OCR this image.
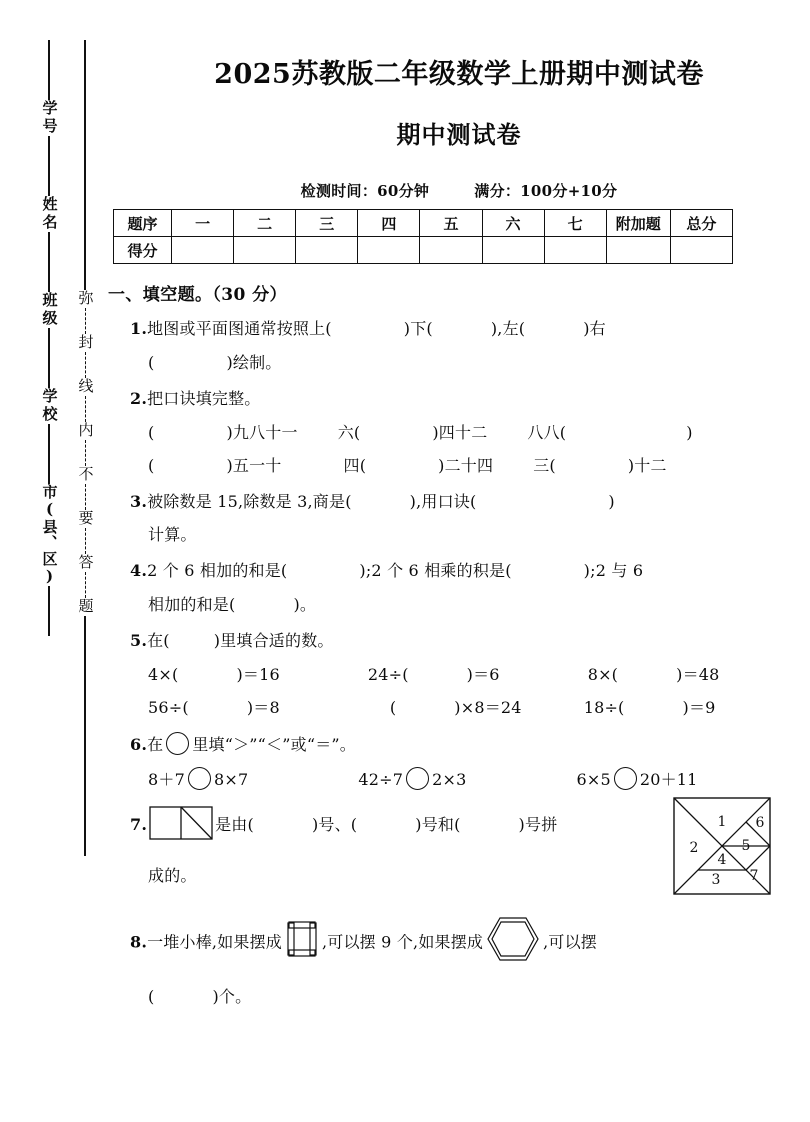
学号
姓名
班级
学校
市(县、区)
弥
封
线
内
不
要
答
题
2025苏教版二年级数学上册期中测试卷
期中测试卷
检测时间：60分钟	满分：100分+10分
题序	一	二	三	四	五	六	七	附加题	总分
得分									
一、填空题。（30 分）
1.地图或平面图通常按照上(	)下(	),左(	)右
(	)绘制。
2.把口诀填完整。
(	)九八十一	六(	)四十二	八八(	)
(	)五一十	四(	)二十四	三(	)十二
3.被除数是 15,除数是 3,商是(	),用口诀(	)
计算。
4.2 个 6 相加的和是(	);2 个 6 相乘的积是(	);2 与 6
相加的和是(	)。
5.在(	)里填合适的数。
4×(	)＝16	24÷(	)＝6	8×(	)＝48
56÷(	)＝8	(	)×8＝24	18÷(	)＝9
6.在 里填“＞”“＜”或“＝”。
8＋7 8×7	42÷7 2×3	6×5 20＋11
7.	是由(	)号、(	)号和(	)号拼	1
2
3
4
5
6
7
成的。
8.一堆小棒,如果摆成	,可以摆 9 个,如果摆成	,可以摆
(	)个。
